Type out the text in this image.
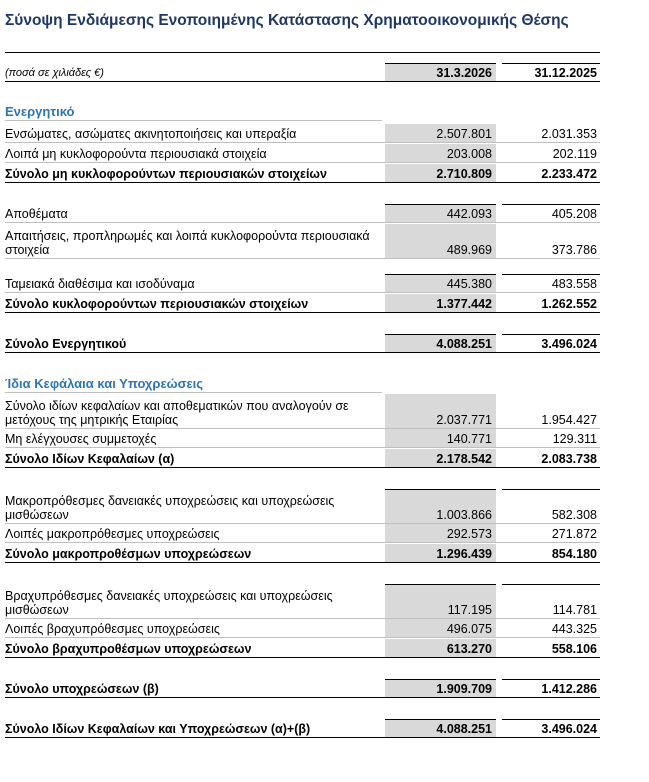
Σύνοψη Ενδιάμεσης Ενοποιημένης Κατάστασης Χρηματοοικονομικής Θέσης
(ποσά σε χιλιάδες €)	31.3.2026	31.12.2025
Ενεργητικό
Ενσώματες, ασώματες ακινητοποιήσεις και υπεραξία	2.507.801	2.031.353
Λοιπά μη κυκλοφορούντα περιουσιακά στοιχεία	203.008	202.119
Σύνολο μη κυκλοφορούντων περιουσιακών στοιχείων	2.710.809	2.233.472
Αποθέματα	442.093	405.208
Απαιτήσεις, προπληρωμές και λοιπά κυκλοφορούντα περιουσιακά στοιχεία	489.969	373.786
Ταμειακά διαθέσιμα και ισοδύναμα	445.380	483.558
Σύνολο κυκλοφορούντων περιουσιακών στοιχείων	1.377.442	1.262.552
Σύνολο Ενεργητικού	4.088.251	3.496.024
Ίδια Κεφάλαια και Υποχρεώσεις
Σύνολο ιδίων κεφαλαίων και αποθεματικών που αναλογούν σε μετόχους της μητρικής Εταιρίας	2.037.771	1.954.427
Μη ελέγχουσες συμμετοχές	140.771	129.311
Σύνολο Ιδίων Κεφαλαίων (α)	2.178.542	2.083.738
Μακροπρόθεσμες δανειακές υποχρεώσεις και υποχρεώσεις μισθώσεων	1.003.866	582.308
Λοιπές μακροπρόθεσμες υποχρεώσεις	292.573	271.872
Σύνολο μακροπροθέσμων υποχρεώσεων	1.296.439	854.180
Βραχυπρόθεσμες δανειακές υποχρεώσεις και υποχρεώσεις μισθώσεων	117.195	114.781
Λοιπές βραχυπρόθεσμες υποχρεώσεις	496.075	443.325
Σύνολο βραχυπροθέσμων υποχρεώσεων	613.270	558.106
Σύνολο υποχρεώσεων (β)	1.909.709	1.412.286
Σύνολο Ιδίων Κεφαλαίων και Υποχρεώσεων (α)+(β)	4.088.251	3.496.024
